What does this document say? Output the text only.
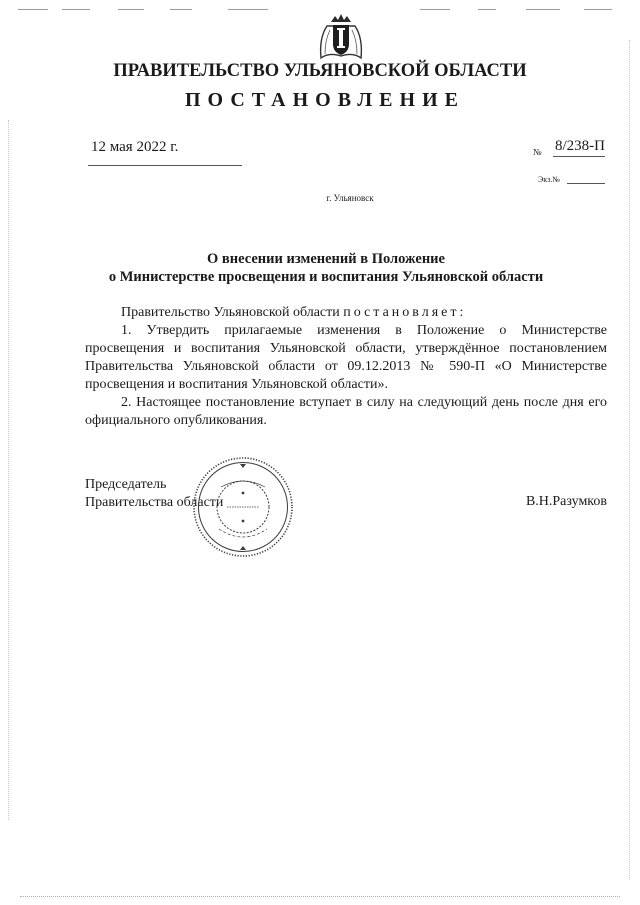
ПРАВИТЕЛЬСТВО УЛЬЯНОВСКОЙ ОБЛАСТИ
ПОСТАНОВЛЕНИЕ
12 мая 2022 г.	№ 8/238-П
Экз.№
г. Ульяновск
О внесении изменений в Положение
о Министерстве просвещения и воспитания Ульяновской области

Правительство Ульяновской области постановляет:

1. Утвердить прилагаемые изменения в Положение о Министерстве просвещения и воспитания Ульяновской области, утверждённое постановлением Правительства Ульяновской области от 09.12.2013 № 590-П «О Министерстве просвещения и воспитания Ульяновской области».

2. Настоящее постановление вступает в силу на следующий день после дня его официального опубликования.

Председатель
Правительства области	В.Н.Разумков
